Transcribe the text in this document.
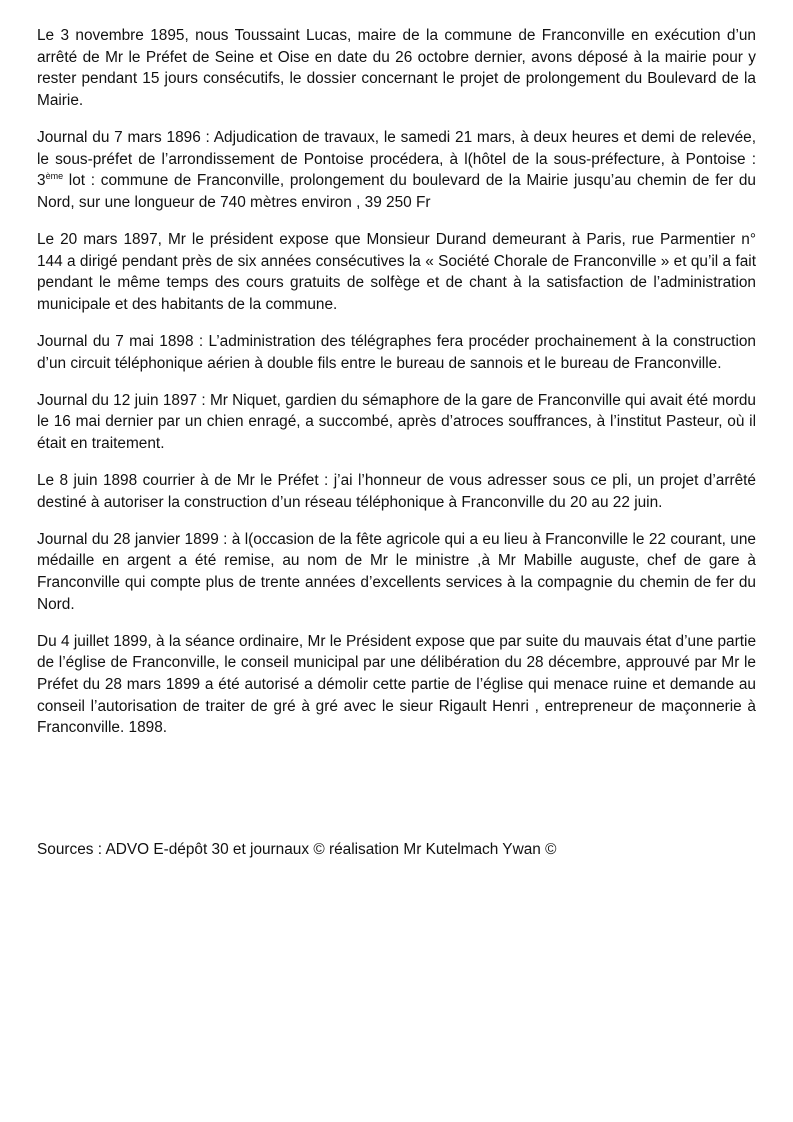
Le 3 novembre 1895, nous Toussaint Lucas, maire de la commune de Franconville en exécution d’un arrêté de Mr le Préfet de Seine et Oise en date du 26 octobre dernier, avons déposé à la mairie pour y rester pendant 15 jours consécutifs, le dossier concernant le projet de prolongement du Boulevard de la Mairie.

Journal du 7 mars 1896 : Adjudication de travaux, le samedi 21 mars, à deux heures et demi de relevée, le sous-préfet de l’arrondissement de Pontoise procédera, à l(hôtel de la sous-préfecture, à Pontoise : 3ème lot : commune de Franconville, prolongement du boulevard de la Mairie jusqu’au chemin de fer du Nord, sur une longueur de 740 mètres environ , 39 250 Fr

Le 20 mars 1897, Mr le président expose que Monsieur Durand demeurant à Paris, rue Parmentier n° 144 a dirigé pendant près de six années consécutives la « Société Chorale de Franconville » et qu’il a fait pendant le même temps des cours gratuits de solfège et de chant à la satisfaction de l’administration municipale et des habitants de la commune.

Journal du 7 mai 1898 : L’administration des télégraphes fera procéder prochainement à la construction d’un circuit téléphonique aérien à double fils entre le bureau de sannois et le bureau de Franconville.

Journal du 12 juin 1897 : Mr Niquet, gardien du sémaphore de la gare de Franconville qui avait été mordu le 16 mai dernier par un chien enragé, a succombé, après d’atroces souffrances, à l’institut Pasteur, où il était en traitement.

Le 8 juin 1898 courrier à de Mr le Préfet : j’ai l’honneur de vous adresser sous ce pli, un projet d’arrêté destiné à autoriser la construction d’un réseau téléphonique à Franconville du 20 au 22 juin.

Journal du 28 janvier 1899 : à l(occasion de la fête agricole qui a eu lieu à Franconville le 22 courant, une médaille en argent a été remise, au nom de Mr le ministre ,à Mr Mabille auguste, chef de gare à Franconville qui compte plus de trente années d’excellents services à la compagnie du chemin de fer du Nord.

Du 4 juillet 1899, à la séance ordinaire, Mr le Président expose que par suite du mauvais état d’une partie de l’église de Franconville, le conseil municipal par une délibération du 28 décembre, approuvé par Mr le Préfet du 28 mars 1899 a été autorisé a démolir cette partie de l’église qui menace ruine et demande au conseil l’autorisation de traiter de gré à gré avec le sieur Rigault Henri , entrepreneur de maçonnerie à Franconville. 1898.

Sources : ADVO E-dépôt 30 et journaux © réalisation Mr Kutelmach Ywan ©
